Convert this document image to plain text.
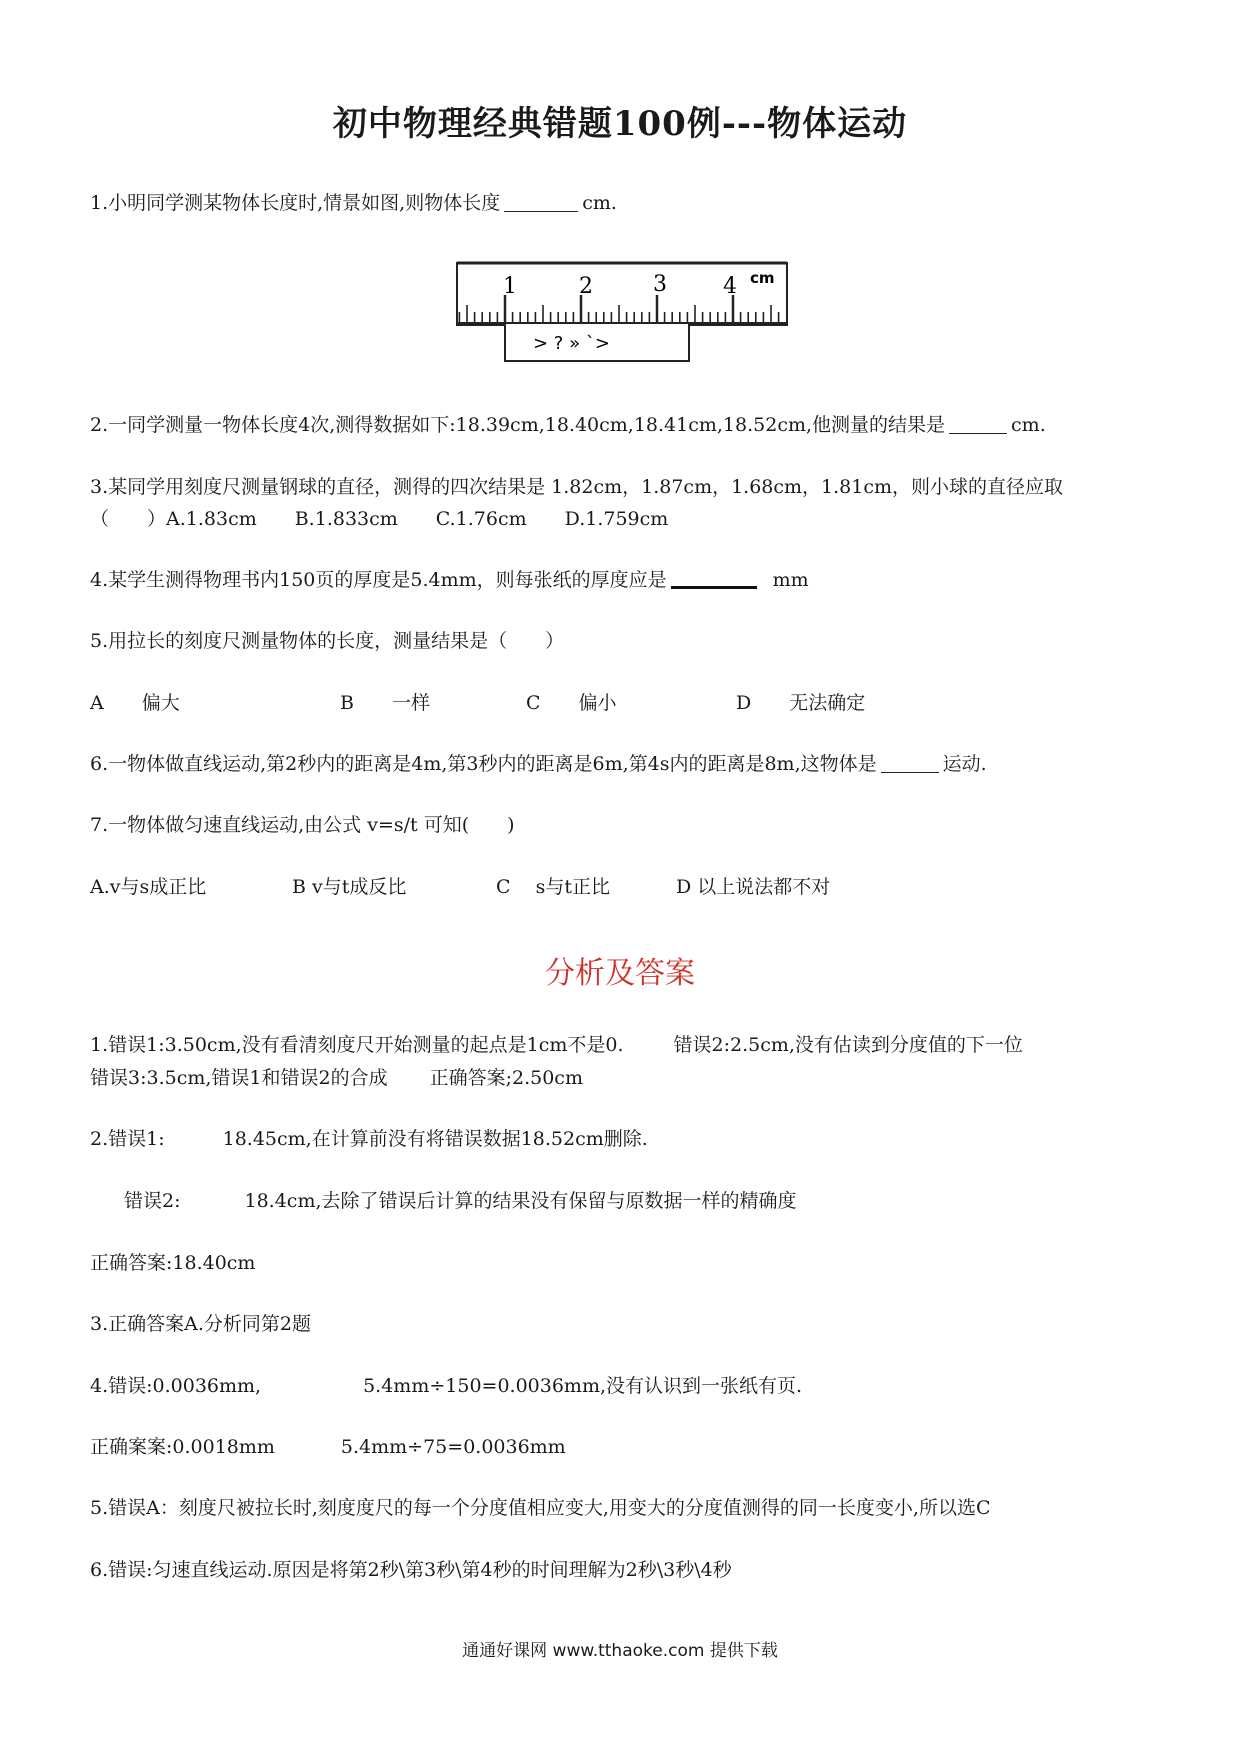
初中物理经典错题100例---物体运动
1.小明同学测某物体长度时,情景如图,则物体长度	cm.
1	2	3	4 cm
> ? » `>
2.一同学测量一物体长度4次,测得数据如下:18.39cm,18.40cm,18.41cm,18.52cm,他测量的结果是	cm.
3.某同学用刻度尺测量钢球的直径，测得的四次结果是 1.82cm，1.87cm，1.68cm，1.81cm，则小球的直径应取
（　　）A.1.83cm　　B.1.833cm　　C.1.76cm　　D.1.759cm
4.某学生测得物理书内150页的厚度是5.4mm，则每张纸的厚度应是	mm
5.用拉长的刻度尺测量物体的长度，测量结果是（　　）
A　　偏大	B　　一样	C　　偏小	D　　无法确定
6.一物体做直线运动,第2秒内的距离是4m,第3秒内的距离是6m,第4s内的距离是8m,这物体是	运动.
7.一物体做匀速直线运动,由公式 v=s/t 可知(　　)
A.v与s成正比	B v与t成反比	C　 s与t正比	D 以上说法都不对
分析及答案
1.错误1:3.50cm,没有看清刻度尺开始测量的起点是1cm不是0.	错误2:2.5cm,没有估读到分度值的下一位
错误3:3.5cm,错误1和错误2的合成 正确答案;2.50cm
2.错误1:	18.45cm,在计算前没有将错误数据18.52cm删除.
错误2:	18.4cm,去除了错误后计算的结果没有保留与原数据一样的精确度
正确答案:18.40cm
3.正确答案A.分析同第2题
4.错误:0.0036mm,	5.4mm÷150=0.0036mm,没有认识到一张纸有页.
正确案案:0.0018mm	5.4mm÷75=0.0036mm
5.错误A：刻度尺被拉长时,刻度度尺的每一个分度值相应变大,用变大的分度值测得的同一长度变小,所以选C
6.错误:匀速直线运动.原因是将第2秒\第3秒\第4秒的时间理解为2秒\3秒\4秒
通通好课网 www.tthaoke.com 提供下载
